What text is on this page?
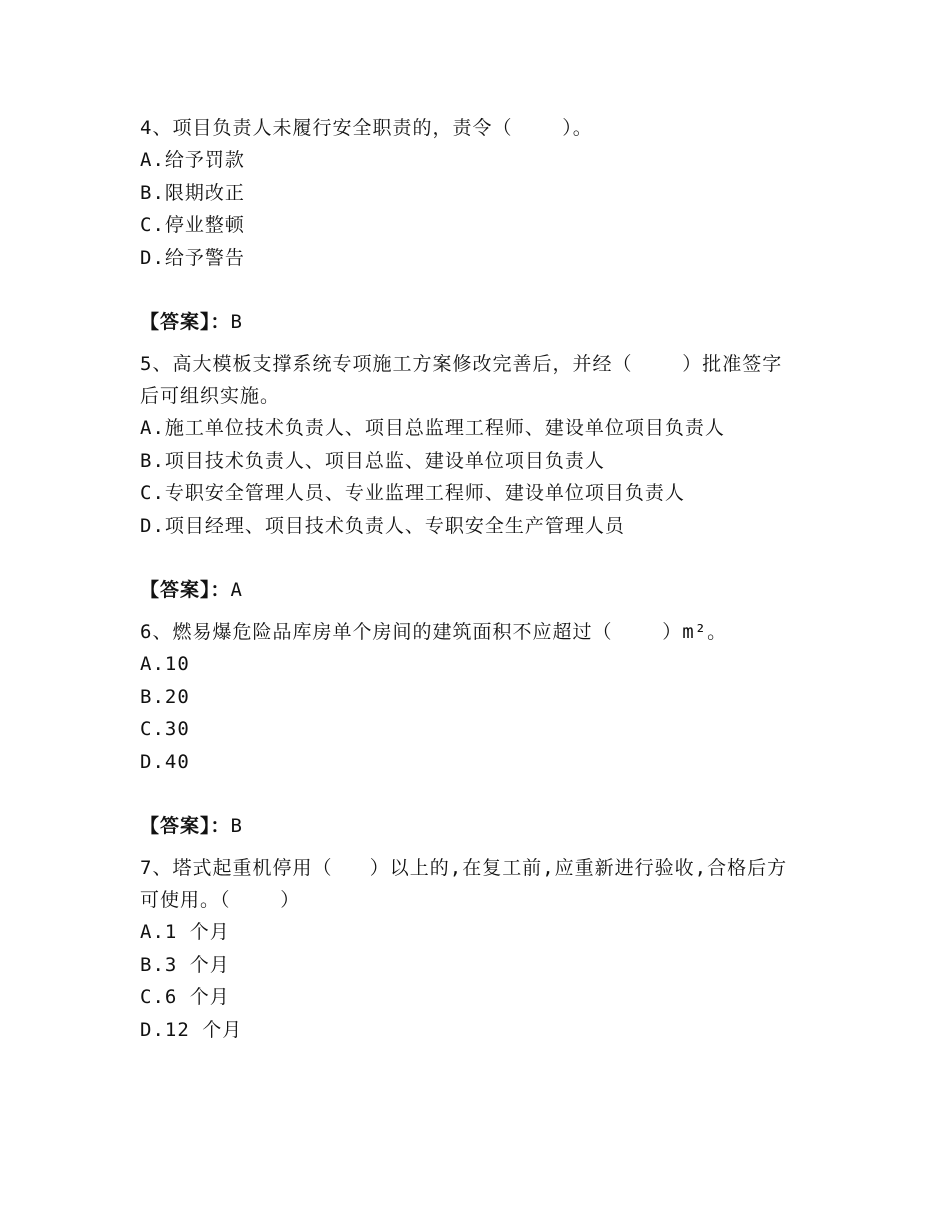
4、项目负责人未履行安全职责的，责令（    ）。
A.给予罚款
B.限期改正
C.停业整顿
D.给予警告
【答案】：B
5、高大模板支撑系统专项施工方案修改完善后，并经（    ）批准签字后可组织实施。
A.施工单位技术负责人、项目总监理工程师、建设单位项目负责人
B.项目技术负责人、项目总监、建设单位项目负责人
C.专职安全管理人员、专业监理工程师、建设单位项目负责人
D.项目经理、项目技术负责人、专职安全生产管理人员
【答案】：A
6、燃易爆危险品库房单个房间的建筑面积不应超过（    ）m²。
A.10
B.20
C.30
D.40
【答案】：B
7、塔式起重机停用（   ）以上的,在复工前,应重新进行验收,合格后方可使用。（    ）
A.1 个月
B.3 个月
C.6 个月
D.12 个月
